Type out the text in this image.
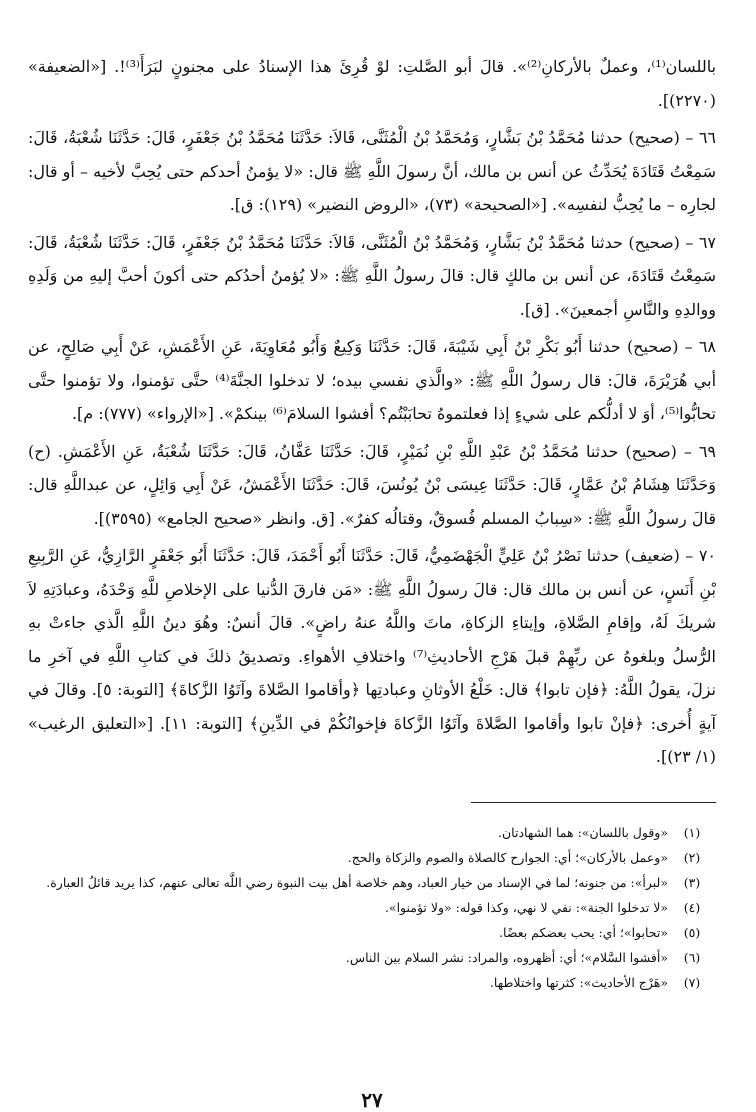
باللسان⁽¹⁾، وعملٌ بالأركانِ⁽²⁾». قالَ أبو الصَّلتِ: لوْ قُرِئَ هذا الإسنادُ على مجنونٍ لبَرَأَ⁽³⁾!. [«الضعيفة» (٢٢٧٠)].

٦٦ – (صحيح) حدثنا مُحَمَّدُ بْنُ بَشَّارٍ، وَمُحَمَّدُ بْنُ الْمُثَنَّى، قَالاَ: حَدَّثَنَا مُحَمَّدُ بْنُ جَعْفَرٍ، قَالَ: حَدَّثَنَا شُعْبَةُ، قَالَ: سَمِعْتُ قَتَادَةَ يُحَدِّثُ عن أنس بن مالك، أنَّ رسولَ اللَّهِ ﷺ قال: «لا يؤمنُ أحدكم حتى يُحِبَّ لأخيه – أو قال: لجارِه – ما يُحِبُّ لنفسِه». [«الصحيحة» (٧٣)، «الروض النضير» (١٢٩): ق].

٦٧ – (صحيح) حدثنا مُحَمَّدُ بْنُ بَشَّارٍ، وَمُحَمَّدُ بْنُ الْمُثَنَّى، قَالاَ: حَدَّثَنَا مُحَمَّدُ بْنُ جَعْفَرٍ، قَالَ: حَدَّثَنَا شُعْبَةُ، قَالَ: سَمِعْتُ قَتَادَةَ، عن أنس بن مالكٍ قال: قالَ رسولُ اللَّهِ ﷺ: «لا يُؤمنُ أحدُكم حتى أكونَ أحبَّ إليهِ من وَلَدِهِ ووالدِهِ والنَّاسِ أجمعينَ». [ق].

٦٨ – (صحيح) حدثنا أَبُو بَكْرِ بْنُ أَبِي شَيْبَةَ، قَالَ: حَدَّثَنَا وَكِيعٌ وَأَبُو مُعَاوِيَةَ، عَنِ الأَعْمَشِ، عَنْ أَبِي صَالِحٍ، عن أبي هُرَيْرَةَ، قالَ: قال رسولُ اللَّهِ ﷺ: «والَّذي نفسي بيده؛ لا تدخلوا الجنَّةَ⁽⁴⁾ حتَّى تؤمنوا، ولا تؤمنوا حتَّى تحابُّوا⁽⁵⁾، أوَ لا أدلُّكم على شيءٍ إذا فعلتموهُ تحابَبْتُم؟ أفشوا السلامَ⁽⁶⁾ بينكمْ». [«الإرواء» (٧٧٧): م].

٦٩ – (صحيح) حدثنا مُحَمَّدُ بْنُ عَبْدِ اللَّهِ بْنِ نُمَيْرٍ، قَالَ: حَدَّثَنَا عَفَّانُ، قَالَ: حَدَّثَنَا شُعْبَةُ، عَنِ الأَعْمَشِ. (ح) وَحَدَّثَنَا هِشَامُ بْنُ عَمَّارٍ، قَالَ: حَدَّثَنَا عِيسَى بْنُ يُونُسَ، قَالَ: حَدَّثَنَا الأَعْمَشُ، عَنْ أَبِي وَائِلٍ، عن عبداللَّهِ قال: قالَ رسولُ اللَّهِ ﷺ: «سِبابُ المسلم فُسوقٌ، وقتالُه كفرٌ». [ق. وانظر «صحيح الجامع» (٣٥٩٥)].

٧٠ – (ضعيف) حدثنا نَصْرُ بْنُ عَلِيٍّ الْجَهْضَمِيُّ، قَالَ: حَدَّثَنَا أَبُو أَحْمَدَ، قَالَ: حَدَّثَنَا أَبُو جَعْفَرٍ الرَّازِيُّ، عَنِ الرَّبِيعِ بْنِ أَنَسٍ، عن أنس بن مالك قال: قالَ رسولُ اللَّهِ ﷺ: «مَن فارقَ الدُّنيا على الإخلاصِ للَّهِ وَحْدَهُ، وعبادَتِهِ لاَ شريكَ لَهُ، وإقامِ الصَّلاةِ، وإيتاءِ الزكاةِ، ماتَ واللَّهُ عنهُ راضٍ». قالَ أنسٌ: وهُوَ دينُ اللَّهِ الَّذي جاءتْ بهِ الرُّسلُ وبلغوهُ عن ربِّهِمْ قبلَ هَرْجِ الأحاديثِ⁽⁷⁾ واختلافِ الأهواءِ. وتصديقُ ذلكَ في كتابِ اللَّهِ في آخرِ ما نزلَ، يقولُ اللَّهُ: ﴿فإن تابوا﴾ قال: خَلْعُ الأوثانِ وعبادتِها ﴿وأقاموا الصَّلاةَ وآتَوُا الزَّكاةَ﴾ [التوبة: ٥]. وقالَ في آيةٍ أُخرى: ﴿فإنْ تابوا وأقاموا الصَّلاةَ وآتَوُا الزَّكاةَ فإخوانُكُمْ في الدِّينِ﴾ [التوبة: ١١]. [«التعليق الرغيب» (١/ ٢٣)].

(١)
«وقول باللسان»: هما الشهادتان.
(٢)
«وعمل بالأركان»؛ أي: الجوارح كالصلاة والصوم والزكاة والحج.
(٣)
«لبرأ»: من جنونه؛ لما في الإسناد من خيار العباد، وهم خلاصة أهل بيت النبوة رضي اللَّه تعالى عنهم، كذا يريد قائلُ العبارة.
(٤)
«لا تدخلوا الجنة»: نفي لا نهي، وكذا قوله: «ولا تؤمنوا».
(٥)
«تحابوا»؛ أي: يحب بعضكم بعضًا.
(٦)
«أفشوا السَّلام»؛ أي: أظهروه، والمراد: نشر السلام بين الناس.
(٧)
«هَرْج الأحاديث»: كثرتها واختلاطها.
٢٧
